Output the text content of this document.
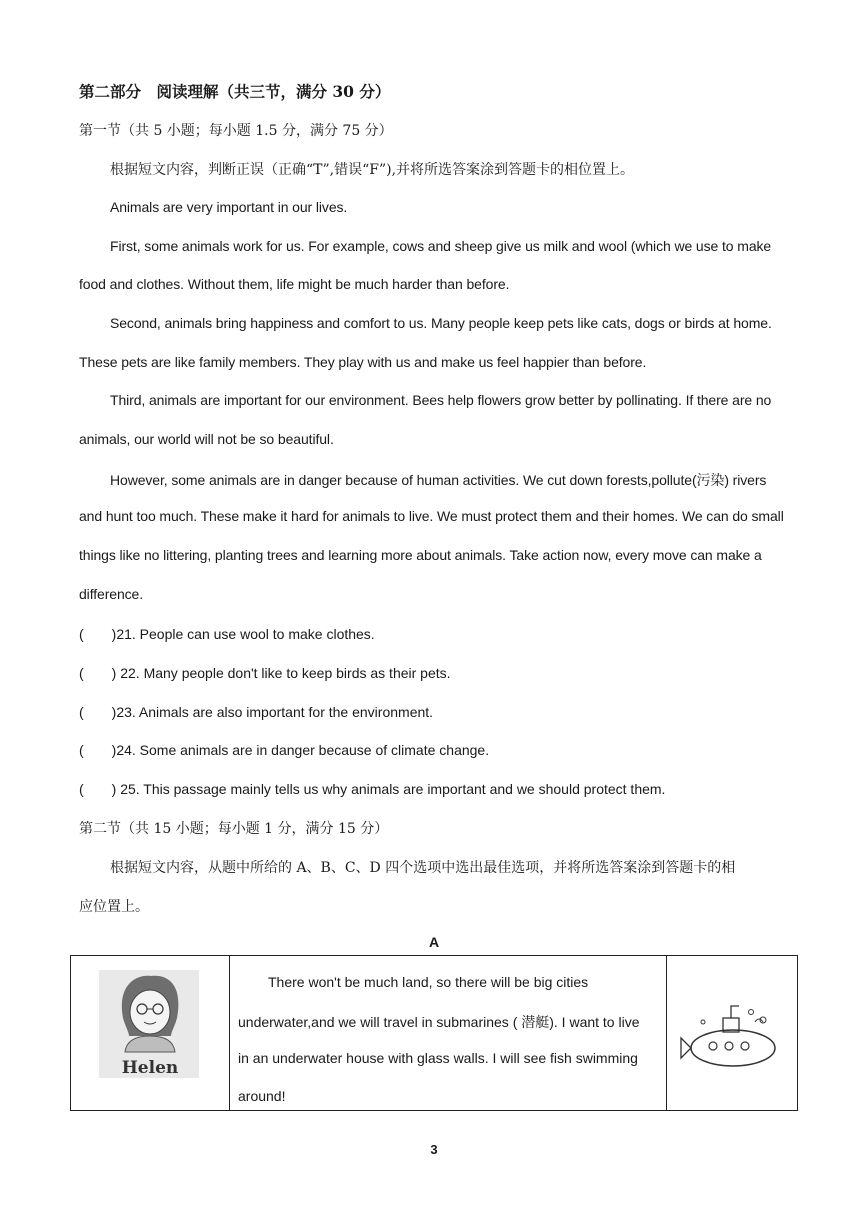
第二部分　阅读理解（共三节，满分 30 分）
第一节（共 5 小题；每小题 1.5 分，满分 75 分）
根据短文内容，判断正误（正确“T”,错误“F”),并将所选答案涂到答题卡的相位置上。
Animals are very important in our lives.
First, some animals work for us. For example, cows and sheep give us milk and wool (which we use to make
food and clothes. Without them, life might be much harder than before.
Second, animals bring happiness and comfort to us. Many people keep pets like cats, dogs or birds at home.
These pets are like family members. They play with us and make us feel happier than before.
Third, animals are important for our environment. Bees help flowers grow better by pollinating. If there are no
animals, our world will not be so beautiful.
However, some animals are in danger because of human activities. We cut down forests,pollute(污染) rivers
and hunt too much. These make it hard for animals to live. We must protect them and their homes. We can do small
things like no littering, planting trees and learning more about animals. Take action now, every move can make a
difference.
(　　)21. People can use wool to make clothes.
(　　) 22. Many people don't like to keep birds as their pets.
(　　)23. Animals are also important for the environment.
(　　)24. Some animals are in danger because of climate change.
(　　) 25. This passage mainly tells us why animals are important and we should protect them.
第二节（共 15 小题；每小题 1 分，满分 15 分）
根据短文内容，从题中所给的 A、B、C、D 四个选项中选出最佳选项，并将所选答案涂到答题卡的相
应位置上。
A
Helen

There won't be much land, so there will be big cities
underwater,and we will travel in submarines ( 潜艇). I want to live
in an underwater house with glass walls. I will see fish swimming
around!

3
